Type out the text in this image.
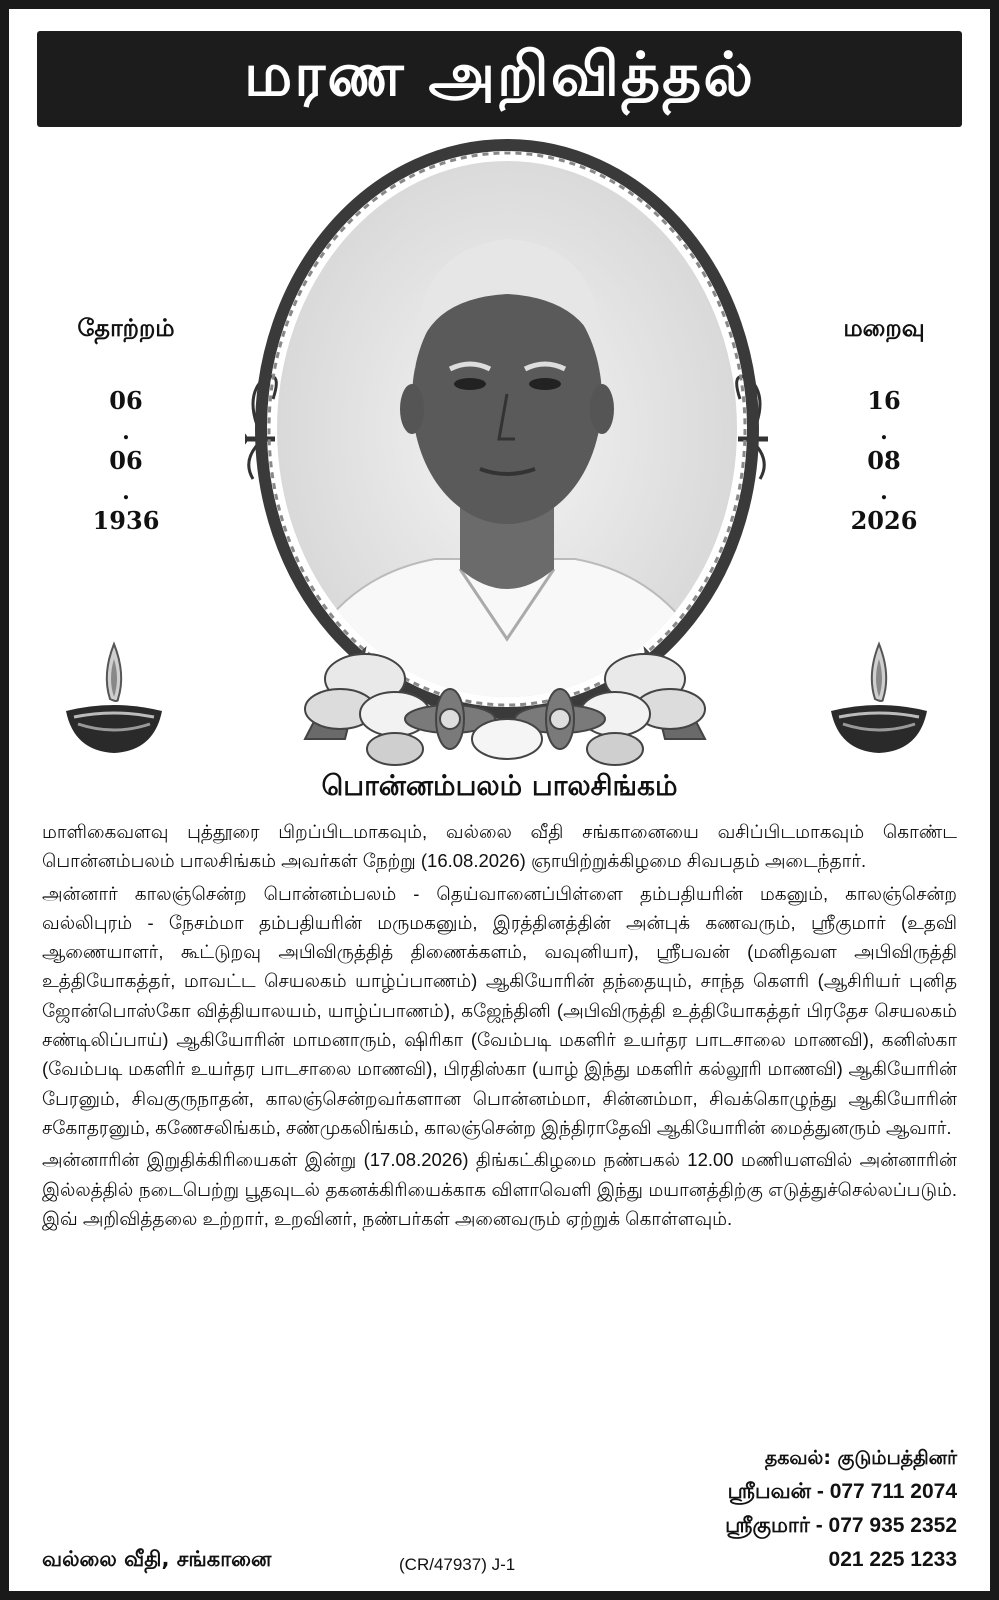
மரண அறிவித்தல்
தோற்றம்
06
.
06
.
1936
மறைவு
16
.
08
.
2026
பொன்னம்பலம் பாலசிங்கம்

மாளிகைவளவு புத்தூரை பிறப்பிடமாகவும், வல்லை வீதி சங்கானையை வசிப்பிடமாகவும் கொண்ட பொன்னம்பலம் பாலசிங்கம் அவர்கள் நேற்று (16.08.2026) ஞாயிற்றுக்கிழமை சிவபதம் அடைந்தார்.

அன்னார் காலஞ்சென்ற பொன்னம்பலம் - தெய்வானைப்பிள்ளை தம்பதியரின் மகனும், காலஞ்சென்ற வல்லிபுரம் - நேசம்மா தம்பதியரின் மருமகனும், இரத்தினத்தின் அன்புக் கணவரும், ஸ்ரீகுமார் (உதவி ஆணையாளர், கூட்டுறவு அபிவிருத்தித் திணைக்களம், வவுனியா), ஸ்ரீபவன் (மனிதவள அபிவிருத்தி உத்தியோகத்தர், மாவட்ட செயலகம் யாழ்ப்பாணம்) ஆகியோரின் தந்தையும், சாந்த கௌரி (ஆசிரியர் புனித ஜோன்பொஸ்கோ வித்தியாலயம், யாழ்ப்பாணம்), கஜேந்தினி (அபிவிருத்தி உத்தியோகத்தர் பிரதேச செயலகம் சண்டிலிப்பாய்) ஆகியோரின் மாமனாரும், ஷிரிகா (வேம்படி மகளிர் உயர்தர பாடசாலை மாணவி), கனிஸ்கா (வேம்படி மகளிர் உயர்தர பாடசாலை மாணவி), பிரதிஸ்கா (யாழ் இந்து மகளிர் கல்லூரி மாணவி) ஆகியோரின் பேரனும், சிவகுருநாதன், காலஞ்சென்றவர்களான பொன்னம்மா, சின்னம்மா, சிவக்கொழுந்து ஆகியோரின் சகோதரனும், கணேசலிங்கம், சண்முகலிங்கம், காலஞ்சென்ற இந்திராதேவி ஆகியோரின் மைத்துனரும் ஆவார்.

அன்னாரின் இறுதிக்கிரியைகள் இன்று (17.08.2026) திங்கட்கிழமை நண்பகல் 12.00 மணியளவில் அன்னாரின் இல்லத்தில் நடைபெற்று பூதவுடல் தகனக்கிரியைக்காக விளாவெளி இந்து மயானத்திற்கு எடுத்துச்செல்லப்படும். இவ் அறிவித்தலை உற்றார், உறவினர், நண்பர்கள் அனைவரும் ஏற்றுக் கொள்ளவும்.

தகவல்: குடும்பத்தினர்
ஸ்ரீபவன் - 077 711 2074
ஸ்ரீகுமார் - 077 935 2352
021 225 1233
வல்லை வீதி, சங்கானை	(CR/47937) J-1
